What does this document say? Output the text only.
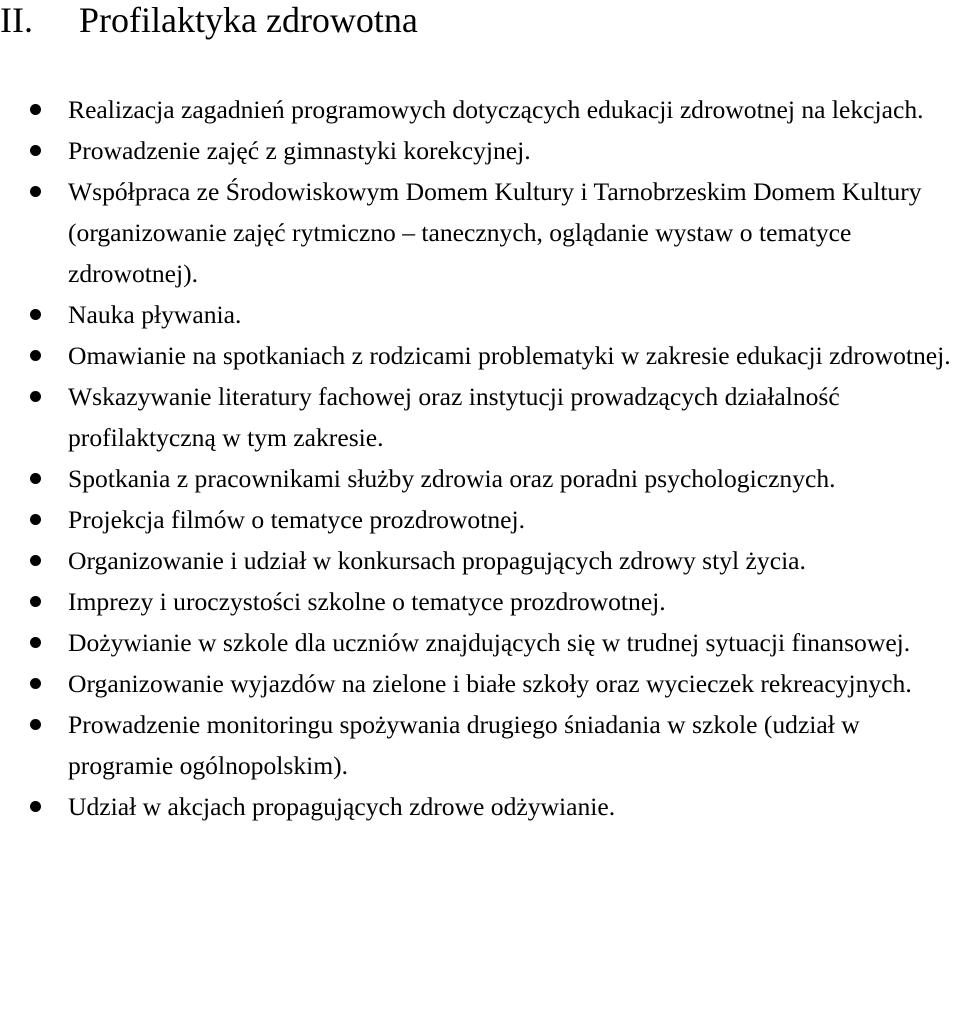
II. Profilaktyka zdrowotna
Realizacja zagadnień programowych dotyczących edukacji zdrowotnej na lekcjach.
Prowadzenie zajęć z gimnastyki korekcyjnej.
Współpraca ze Środowiskowym Domem Kultury i Tarnobrzeskim Domem Kultury (organizowanie zajęć rytmiczno – tanecznych, oglądanie wystaw o tematyce zdrowotnej).
Nauka pływania.
Omawianie na spotkaniach z rodzicami problematyki w zakresie edukacji zdrowotnej.
Wskazywanie literatury fachowej oraz instytucji prowadzących działalność profilaktyczną w tym zakresie.
Spotkania z pracownikami służby zdrowia oraz poradni psychologicznych.
Projekcja filmów o tematyce prozdrowotnej.
Organizowanie i udział w konkursach propagujących zdrowy styl życia.
Imprezy i uroczystości szkolne o tematyce prozdrowotnej.
Dożywianie w szkole dla uczniów znajdujących się w trudnej sytuacji finansowej.
Organizowanie wyjazdów na zielone i białe szkoły oraz wycieczek rekreacyjnych.
Prowadzenie monitoringu spożywania drugiego śniadania w szkole (udział w programie ogólnopolskim).
Udział w akcjach propagujących zdrowe odżywianie.
